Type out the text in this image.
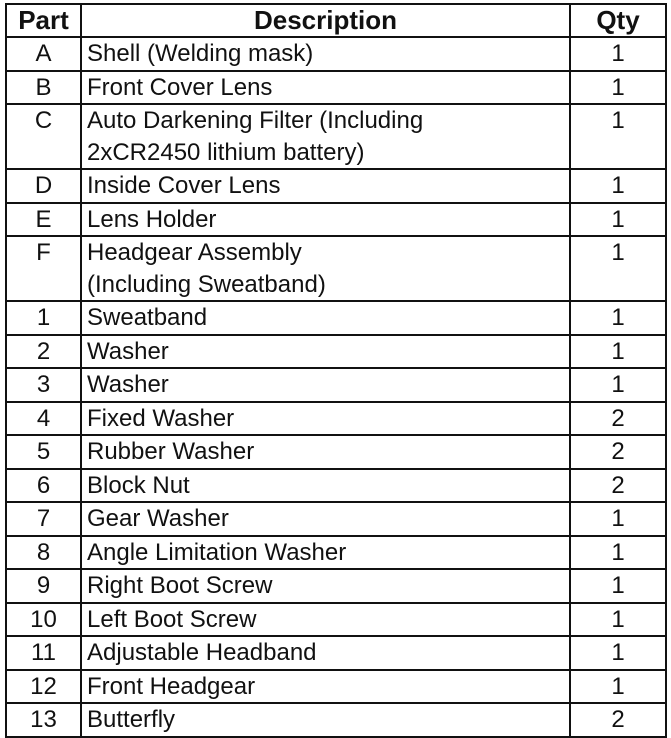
Part	Description	Qty
A	Shell (Welding mask)	1
B	Front Cover Lens	1
C	Auto Darkening Filter (Including
2xCR2450 lithium battery)	1
D	Inside Cover Lens	1
E	Lens Holder	1
F	Headgear Assembly
(Including Sweatband)	1
1	Sweatband	1
2	Washer	1
3	Washer	1
4	Fixed Washer	2
5	Rubber Washer	2
6	Block Nut	2
7	Gear Washer	1
8	Angle Limitation Washer	1
9	Right Boot Screw	1
10	Left Boot Screw	1
11	Adjustable Headband	1
12	Front Headgear	1
13	Butterfly	2
